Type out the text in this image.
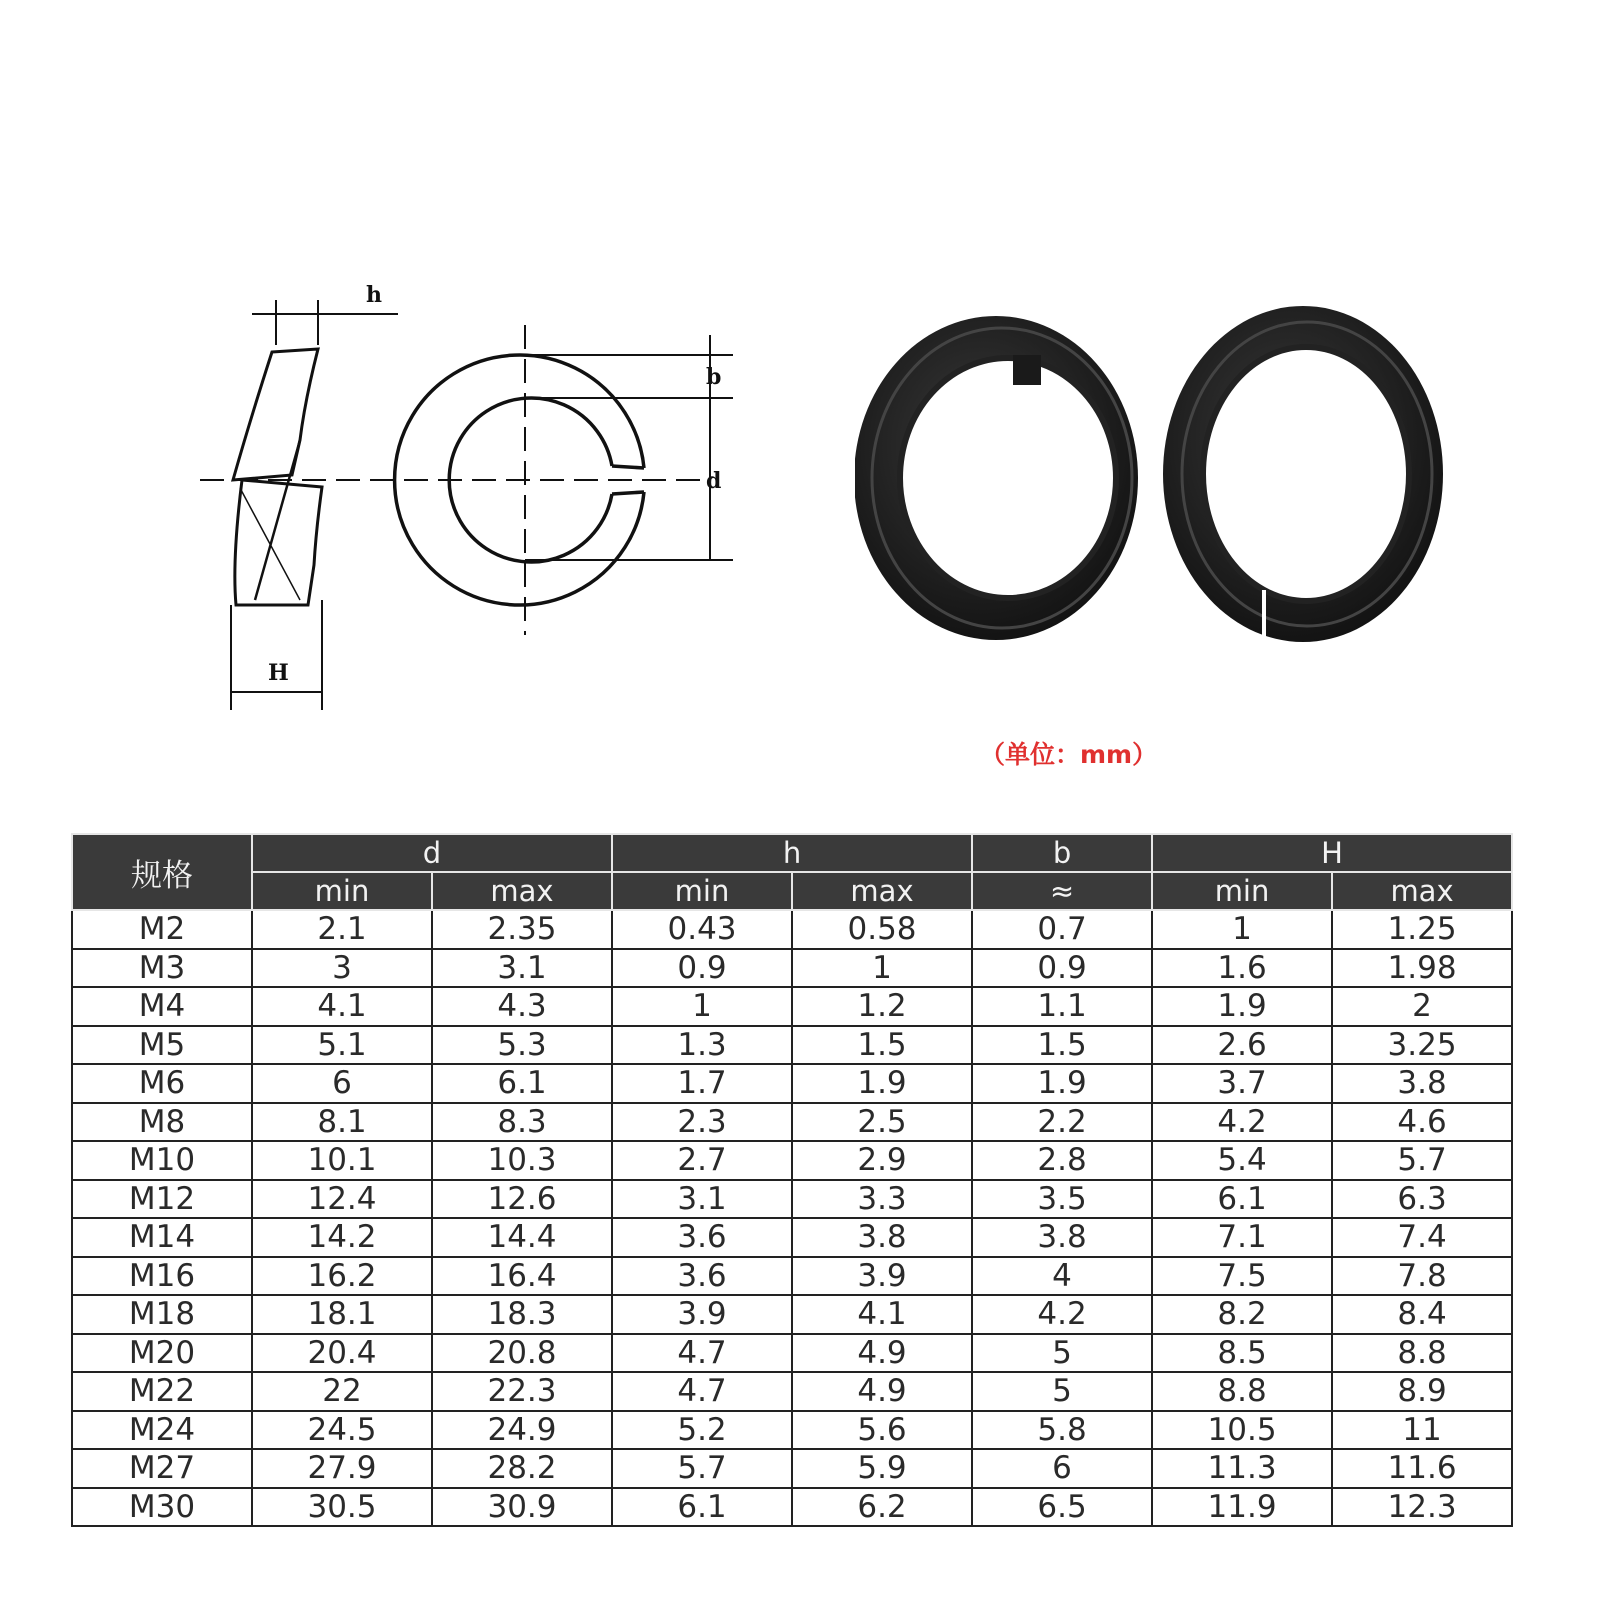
h
b
d
H
（单位：mm）
规格	d		h		b	H	
	min	max	min	max	≈	min	max
M2	2.1	2.35	0.43	0.58	0.7	1	1.25
M3	3	3.1	0.9	1	0.9	1.6	1.98
M4	4.1	4.3	1	1.2	1.1	1.9	2
M5	5.1	5.3	1.3	1.5	1.5	2.6	3.25
M6	6	6.1	1.7	1.9	1.9	3.7	3.8
M8	8.1	8.3	2.3	2.5	2.2	4.2	4.6
M10	10.1	10.3	2.7	2.9	2.8	5.4	5.7
M12	12.4	12.6	3.1	3.3	3.5	6.1	6.3
M14	14.2	14.4	3.6	3.8	3.8	7.1	7.4
M16	16.2	16.4	3.6	3.9	4	7.5	7.8
M18	18.1	18.3	3.9	4.1	4.2	8.2	8.4
M20	20.4	20.8	4.7	4.9	5	8.5	8.8
M22	22	22.3	4.7	4.9	5	8.8	8.9
M24	24.5	24.9	5.2	5.6	5.8	10.5	11
M27	27.9	28.2	5.7	5.9	6	11.3	11.6
M30	30.5	30.9	6.1	6.2	6.5	11.9	12.3
